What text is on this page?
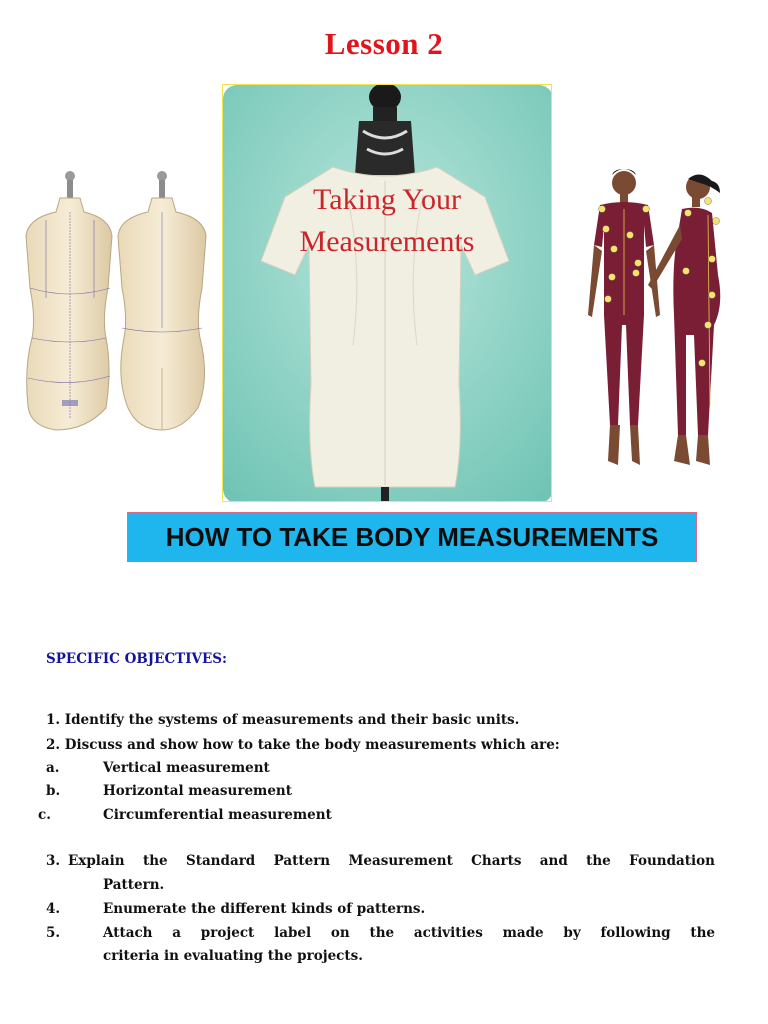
Lesson 2
Taking Your
Measurements
HOW TO TAKE BODY MEASUREMENTS
SPECIFIC OBJECTIVES:
1. Identify the systems of measurements and their basic units.
2. Discuss and show how to take the body measurements which are:
a.	Vertical measurement
b.	Horizontal measurement
c.	Circumferential measurement
3. Explain the Standard Pattern Measurement Charts and the Foundation
Pattern.
4.	Enumerate the different kinds of patterns.
5.	Attach a project label on the activities made by following the
criteria in evaluating the projects.
